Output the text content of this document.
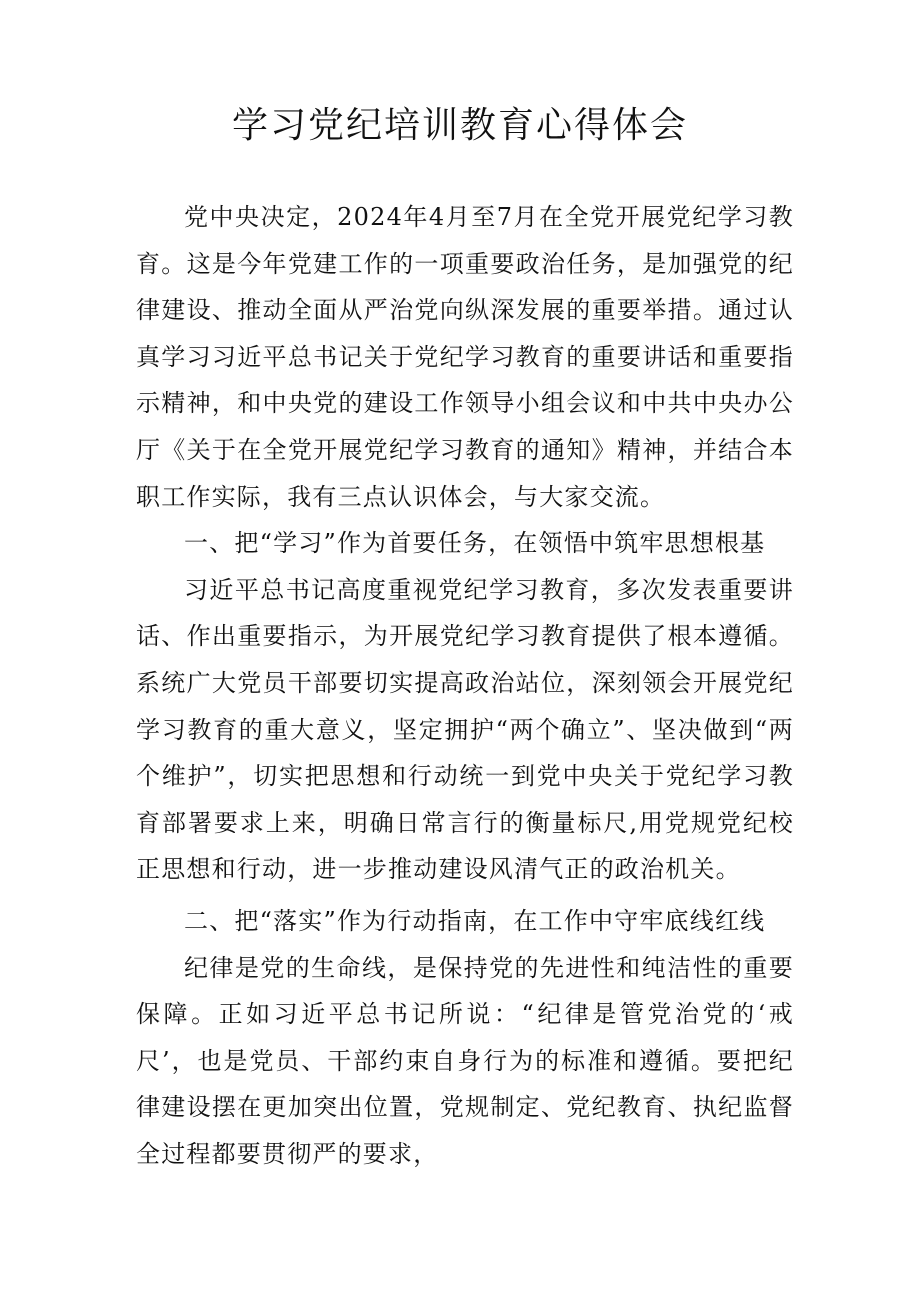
学习党纪培训教育心得体会

党中央决定，2024年4月至7月在全党开展党纪学习教育。这是今年党建工作的一项重要政治任务，是加强党的纪律建设、推动全面从严治党向纵深发展的重要举措。通过认真学习习近平总书记关于党纪学习教育的重要讲话和重要指示精神，和中央党的建设工作领导小组会议和中共中央办公厅《关于在全党开展党纪学习教育的通知》精神，并结合本职工作实际，我有三点认识体会，与大家交流。

一、把“学习”作为首要任务，在领悟中筑牢思想根基

习近平总书记高度重视党纪学习教育，多次发表重要讲话、作出重要指示，为开展党纪学习教育提供了根本遵循。系统广大党员干部要切实提高政治站位，深刻领会开展党纪学习教育的重大意义，坚定拥护“两个确立”、坚决做到“两个维护”，切实把思想和行动统一到党中央关于党纪学习教育部署要求上来，明确日常言行的衡量标尺,用党规党纪校正思想和行动，进一步推动建设风清气正的政治机关。

二、把“落实”作为行动指南，在工作中守牢底线红线

纪律是党的生命线，是保持党的先进性和纯洁性的重要保障。正如习近平总书记所说：“纪律是管党治党的‘戒尺’，也是党员、干部约束自身行为的标准和遵循。要把纪律建设摆在更加突出位置，党规制定、党纪教育、执纪监督全过程都要贯彻严的要求，
